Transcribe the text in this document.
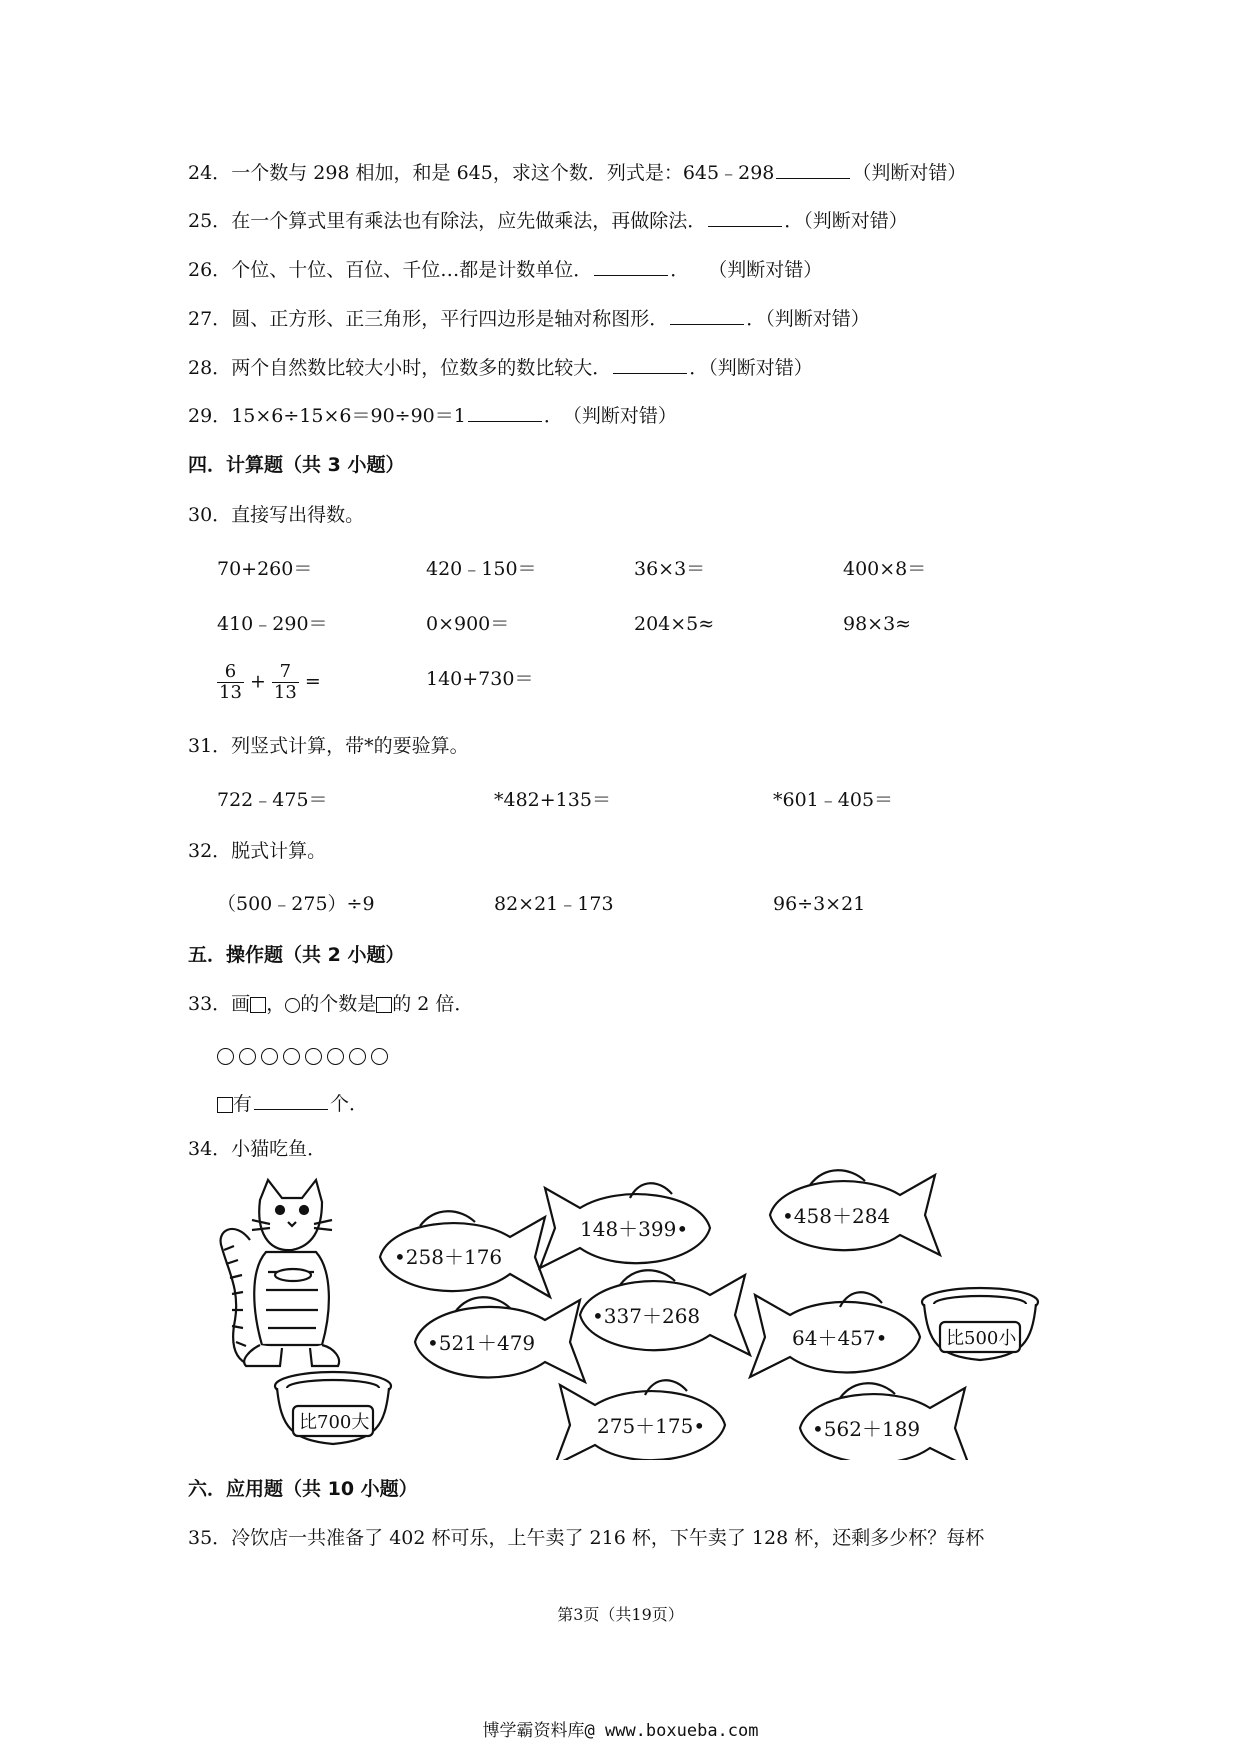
24．一个数与 298 相加，和是 645，求这个数．列式是：645﹣298	（判断对错）
25．在一个算式里有乘法也有除法，应先做乘法，再做除法．	．（判断对错）
26．个位、十位、百位、千位…都是计数单位．	．　　（判断对错）
27．圆、正方形、正三角形，平行四边形是轴对称图形．	．（判断对错）
28．两个自然数比较大小时，位数多的数比较大．	．（判断对错）
29．15×6÷15×6＝90÷90＝1	．　（判断对错）
四．计算题（共 3 小题）
30．直接写出得数。
70+260＝	420﹣150＝	36×3＝	400×8＝
410﹣290＝	0×900＝	204×5≈	98×3≈
$\frac{6}{13} + \frac{7}{13}$ =	140+730＝
31．列竖式计算，带*的要验算。
722﹣475＝	*482+135＝	*601﹣405＝
32．脱式计算。
（500﹣275）÷9	82×21﹣173	96÷3×21
五．操作题（共 2 小题）
33．画 ， 的个数是 的 2 倍．
有	个．
34．小猫吃鱼．
•258＋176
148＋399•
•458＋284
•337＋268
•521＋479	64＋457•
275＋175•	•562＋189
比500小
比700大
六．应用题（共 10 小题）
35．冷饮店一共准备了 402 杯可乐，上午卖了 216 杯，下午卖了 128 杯，还剩多少杯？每杯
第3页（共19页）
博学霸资料库@ www.boxueba.com
